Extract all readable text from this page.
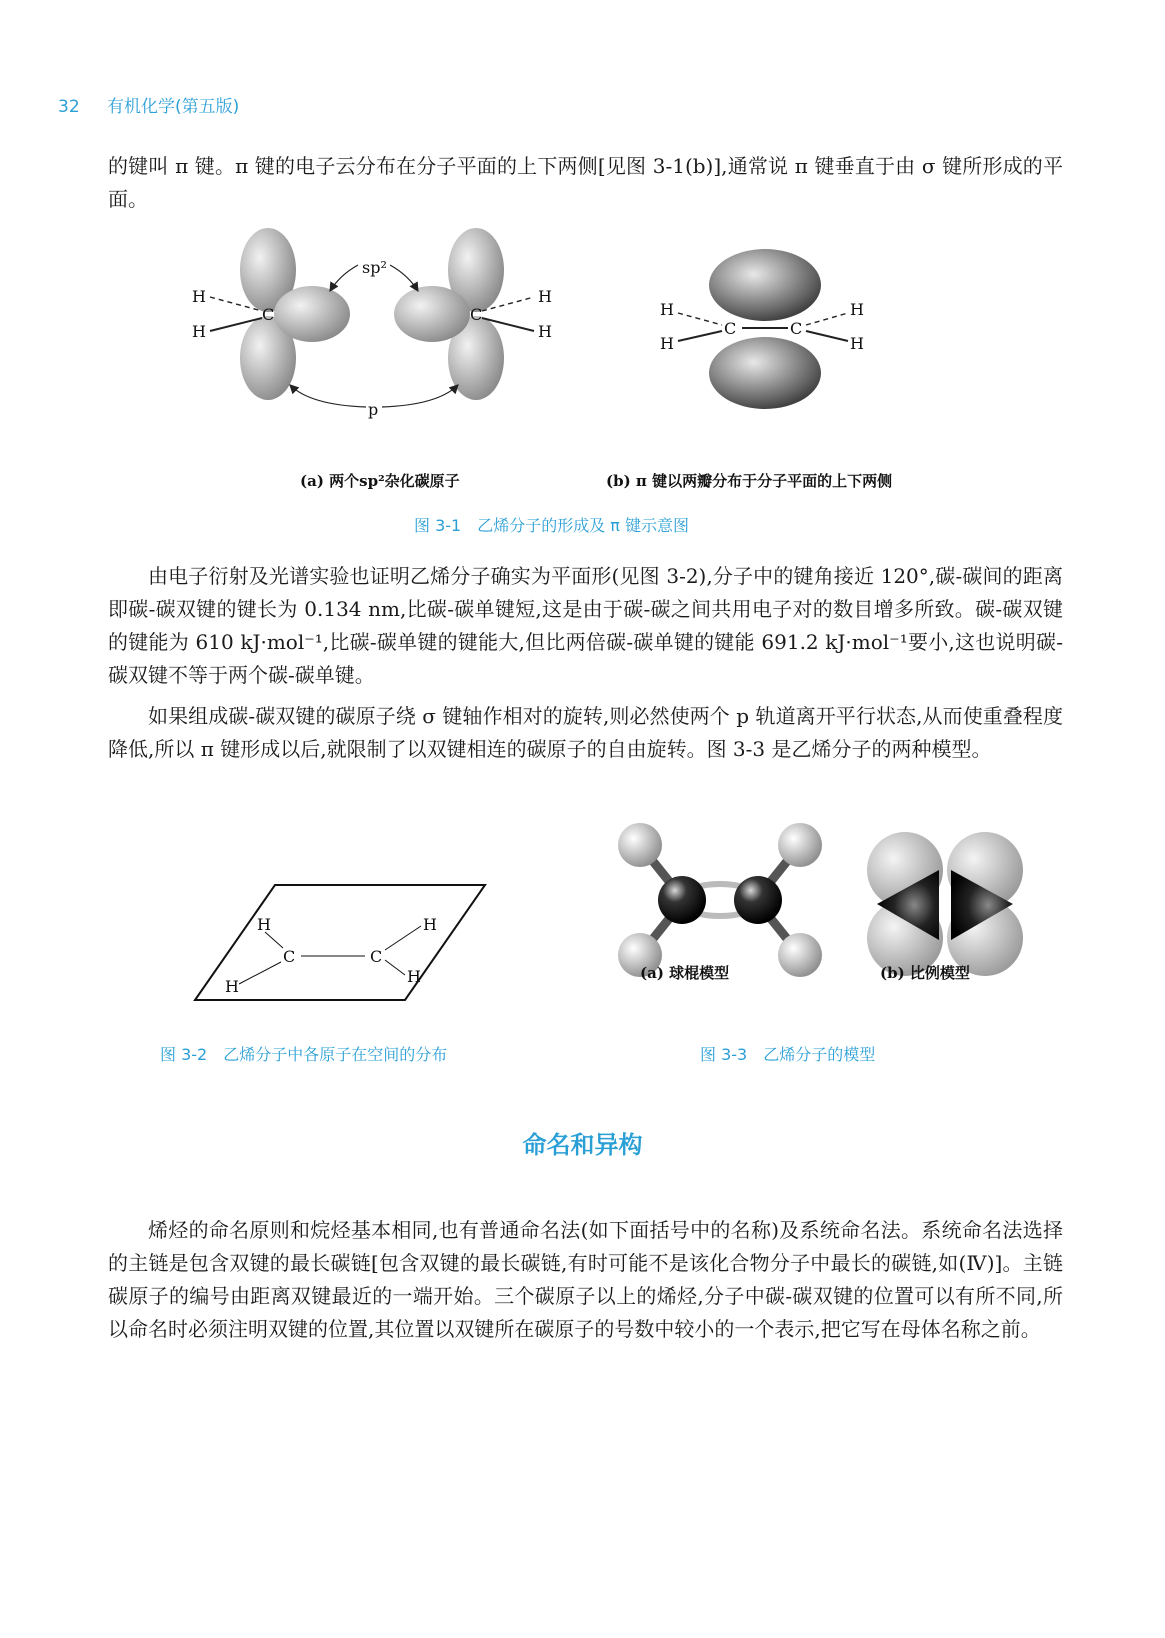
32 有机化学(第五版)

的键叫 π 键。π 键的电子云分布在分子平面的上下两侧[见图 3-1(b)],通常说 π 键垂直于由 σ 键所形成的平面。

C	C
H
H
H
H
sp²
p
C	C
H
H
H
H
(a) 两个sp²杂化碳原子	(b) π 键以两瓣分布于分子平面的上下两侧
图 3-1　乙烯分子的形成及 π 键示意图

由电子衍射及光谱实验也证明乙烯分子确实为平面形(见图 3-2),分子中的键角接近 120°,碳-碳间的距离即碳-碳双键的键长为 0.134 nm,比碳-碳单键短,这是由于碳-碳之间共用电子对的数目增多所致。碳-碳双键的键能为 610 kJ·mol⁻¹,比碳-碳单键的键能大,但比两倍碳-碳单键的键能 691.2 kJ·mol⁻¹要小,这也说明碳-碳双键不等于两个碳-碳单键。

如果组成碳-碳双键的碳原子绕 σ 键轴作相对的旋转,则必然使两个 p 轨道离开平行状态,从而使重叠程度降低,所以 π 键形成以后,就限制了以双键相连的碳原子的自由旋转。图 3-3 是乙烯分子的两种模型。

H
H
C	C
H
H
图 3-2　乙烯分子中各原子在空间的分布
(a) 球棍模型	(b) 比例模型
图 3-3　乙烯分子的模型
命名和异构

烯烃的命名原则和烷烃基本相同,也有普通命名法(如下面括号中的名称)及系统命名法。系统命名法选择的主链是包含双键的最长碳链[包含双键的最长碳链,有时可能不是该化合物分子中最长的碳链,如(Ⅳ)]。主链碳原子的编号由距离双键最近的一端开始。三个碳原子以上的烯烃,分子中碳-碳双键的位置可以有所不同,所以命名时必须注明双键的位置,其位置以双键所在碳原子的号数中较小的一个表示,把它写在母体名称之前。
